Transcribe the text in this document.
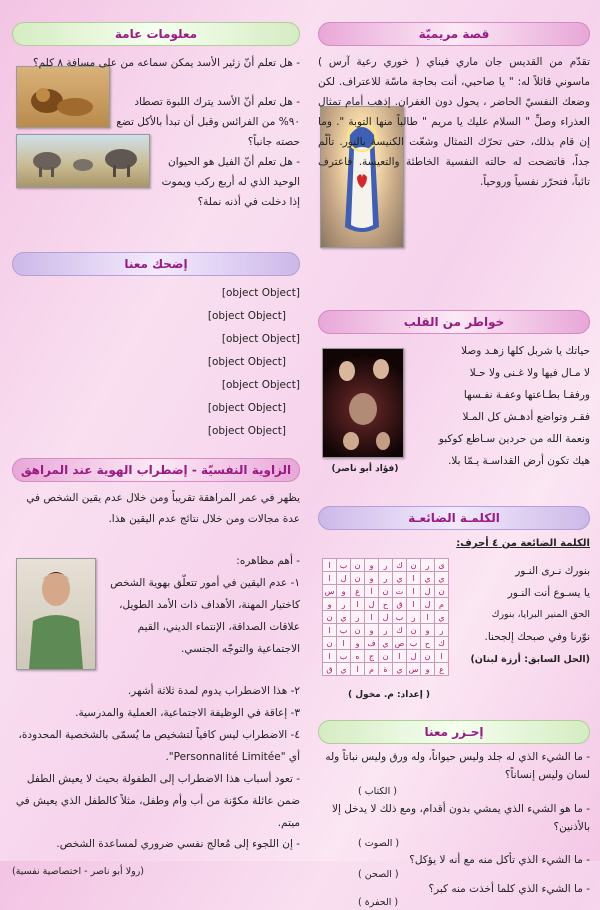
قصة مريميّة
تقدّم من القديس جان ماري فيناي ( خوري رعية آرس ) ماسوني قائلاً له: " يا صاحبي، أنت بحاجة ماسّة للاعتراف. لكن وضعك النفسيّ الحاضر ، يحول دون الغفران. إذهب أمام تمثال العذراء وصلِّ " السلام عليك يا مريم " طالباً منها التوبة ". وما إن قام بذلك، حتى تحرّك التمثال وشعّت الكنيسة بالنور. تألّم جداً، فاتضحت له حالته النفسية الخاطئة والتعيسة. فاعترف تائباً، فتحرّر نفسياً وروحياً.
خواطر من القلب

حياتك يا شربل كلها زهـد وصلا

لا مـال فيها ولا غـنى ولا حـلا

ورفقـا بطـاعتها وعفـة نفـسها

فقـر وتواضع أدهـش كل المـلا

ونعمة الله من حردين سـاطع كوكبو

هيك تكون أرض القداسـة يـمّا بلا.

(فؤاد أبو ناصر)
الكلمـة الضائعـة
الكلمة الضائعة من ٤ أحرف:

بنورك نـرى النـور

يا يسـوع أنت النـور

الحق المنير البرايا، بنورك

نوّرنا وفي صبحك إلجحنا.

(الحل السابق: أرزة لبنان)
ا	ب	ن	و	ر	ك	ن	ر	ى
ا	ل	ن	و	ر	ي	ا	ي	ي
س	و	ع	ا	ن	ت	ا	ل	ن
و	ر	ا	ل	ح	ق	ا	ل	م
ن	ي	ر	ا	ل	ب	ر	ا	ي
ا	ب	ن	و	ر	ك	ن	و	ر
ن	ا	و	ف	ي	ص	ب	ح	ك
ا	ب	ه	ج	ن	ا	ل	ن	ا
ق	ي	ا	م	ة	ي	س	و	ع
( إعداد: م. مخول )
إحـزر معنا

- ما الشيء الذي له جلد وليس حيواناً، وله ورق وليس نباتاً وله لسان وليس إنساناً؟

( الكتاب )

- ما هو الشيء الذي يمشي بدون أقدام، ومع ذلك لا يدخل إلا بالأذنين؟

( الصوت )

- ما الشيء الذي تأكل منه مع أنه لا يؤكل؟

( الصحن )

- ما الشيء الذي كلما أخذت منه كبر؟

( الحفرة )

معلومات عامة

- هل تعلم أنّ زئير الأسد يمكن سماعه من على مسافة ٨ كلم؟

- هل تعلم أنّ الأسد يترك اللبوة تصطاد ٩٠% من الفرائس وقبل أن تبدأ بالأكل تضع حصته جانباً؟

- هل تعلم أنّ الفيل هو الحيوان الوحيد الذي له أربع ركب ويموت إذا دخلت في أذنه نملة؟

إضحك معنا

[object Object]

[object Object]

[object Object]

[object Object]

[object Object]

[object Object]

[object Object]

الزاوية النفسيّة - إضطراب الهوية عند المراهق

يظهر في عمر المراهقة تقريباً ومن خلال عدم يقين الشخص في عدة مجالات ومن خلال نتائج عدم اليقين هذا.

- أهم مظاهره:

١- عدم اليقين في أمور تتعلّق بهوية الشخص كاختيار المهنة، الأهداف ذات الأمد الطويل، علاقات الصداقة، الإنتماء الديني، القيم الاجتماعية والتوجّه الجنسي.

٢- هذا الاضطراب يدوم لمدة ثلاثة أشهر.

٣- إعاقة في الوظيفة الاجتماعية، العملية والمدرسية.

٤- الاضطراب ليس كافياً لتشخيص ما يُسمّى بالشخصية المحدودة، أي "Personnalité Limitée".

- تعود أسباب هذا الاضطراب إلى الطفولة بحيث لا يعيش الطفل ضمن عائلة مكوّنة من أب وأم وطفل، مثلاً كالطفل الذي يعيش في ميتم.

- إن اللجوء إلى مُعالج نفسي ضروري لمساعدة الشخص.

(رولا أبو ناصر - اختصاصية نفسية)
